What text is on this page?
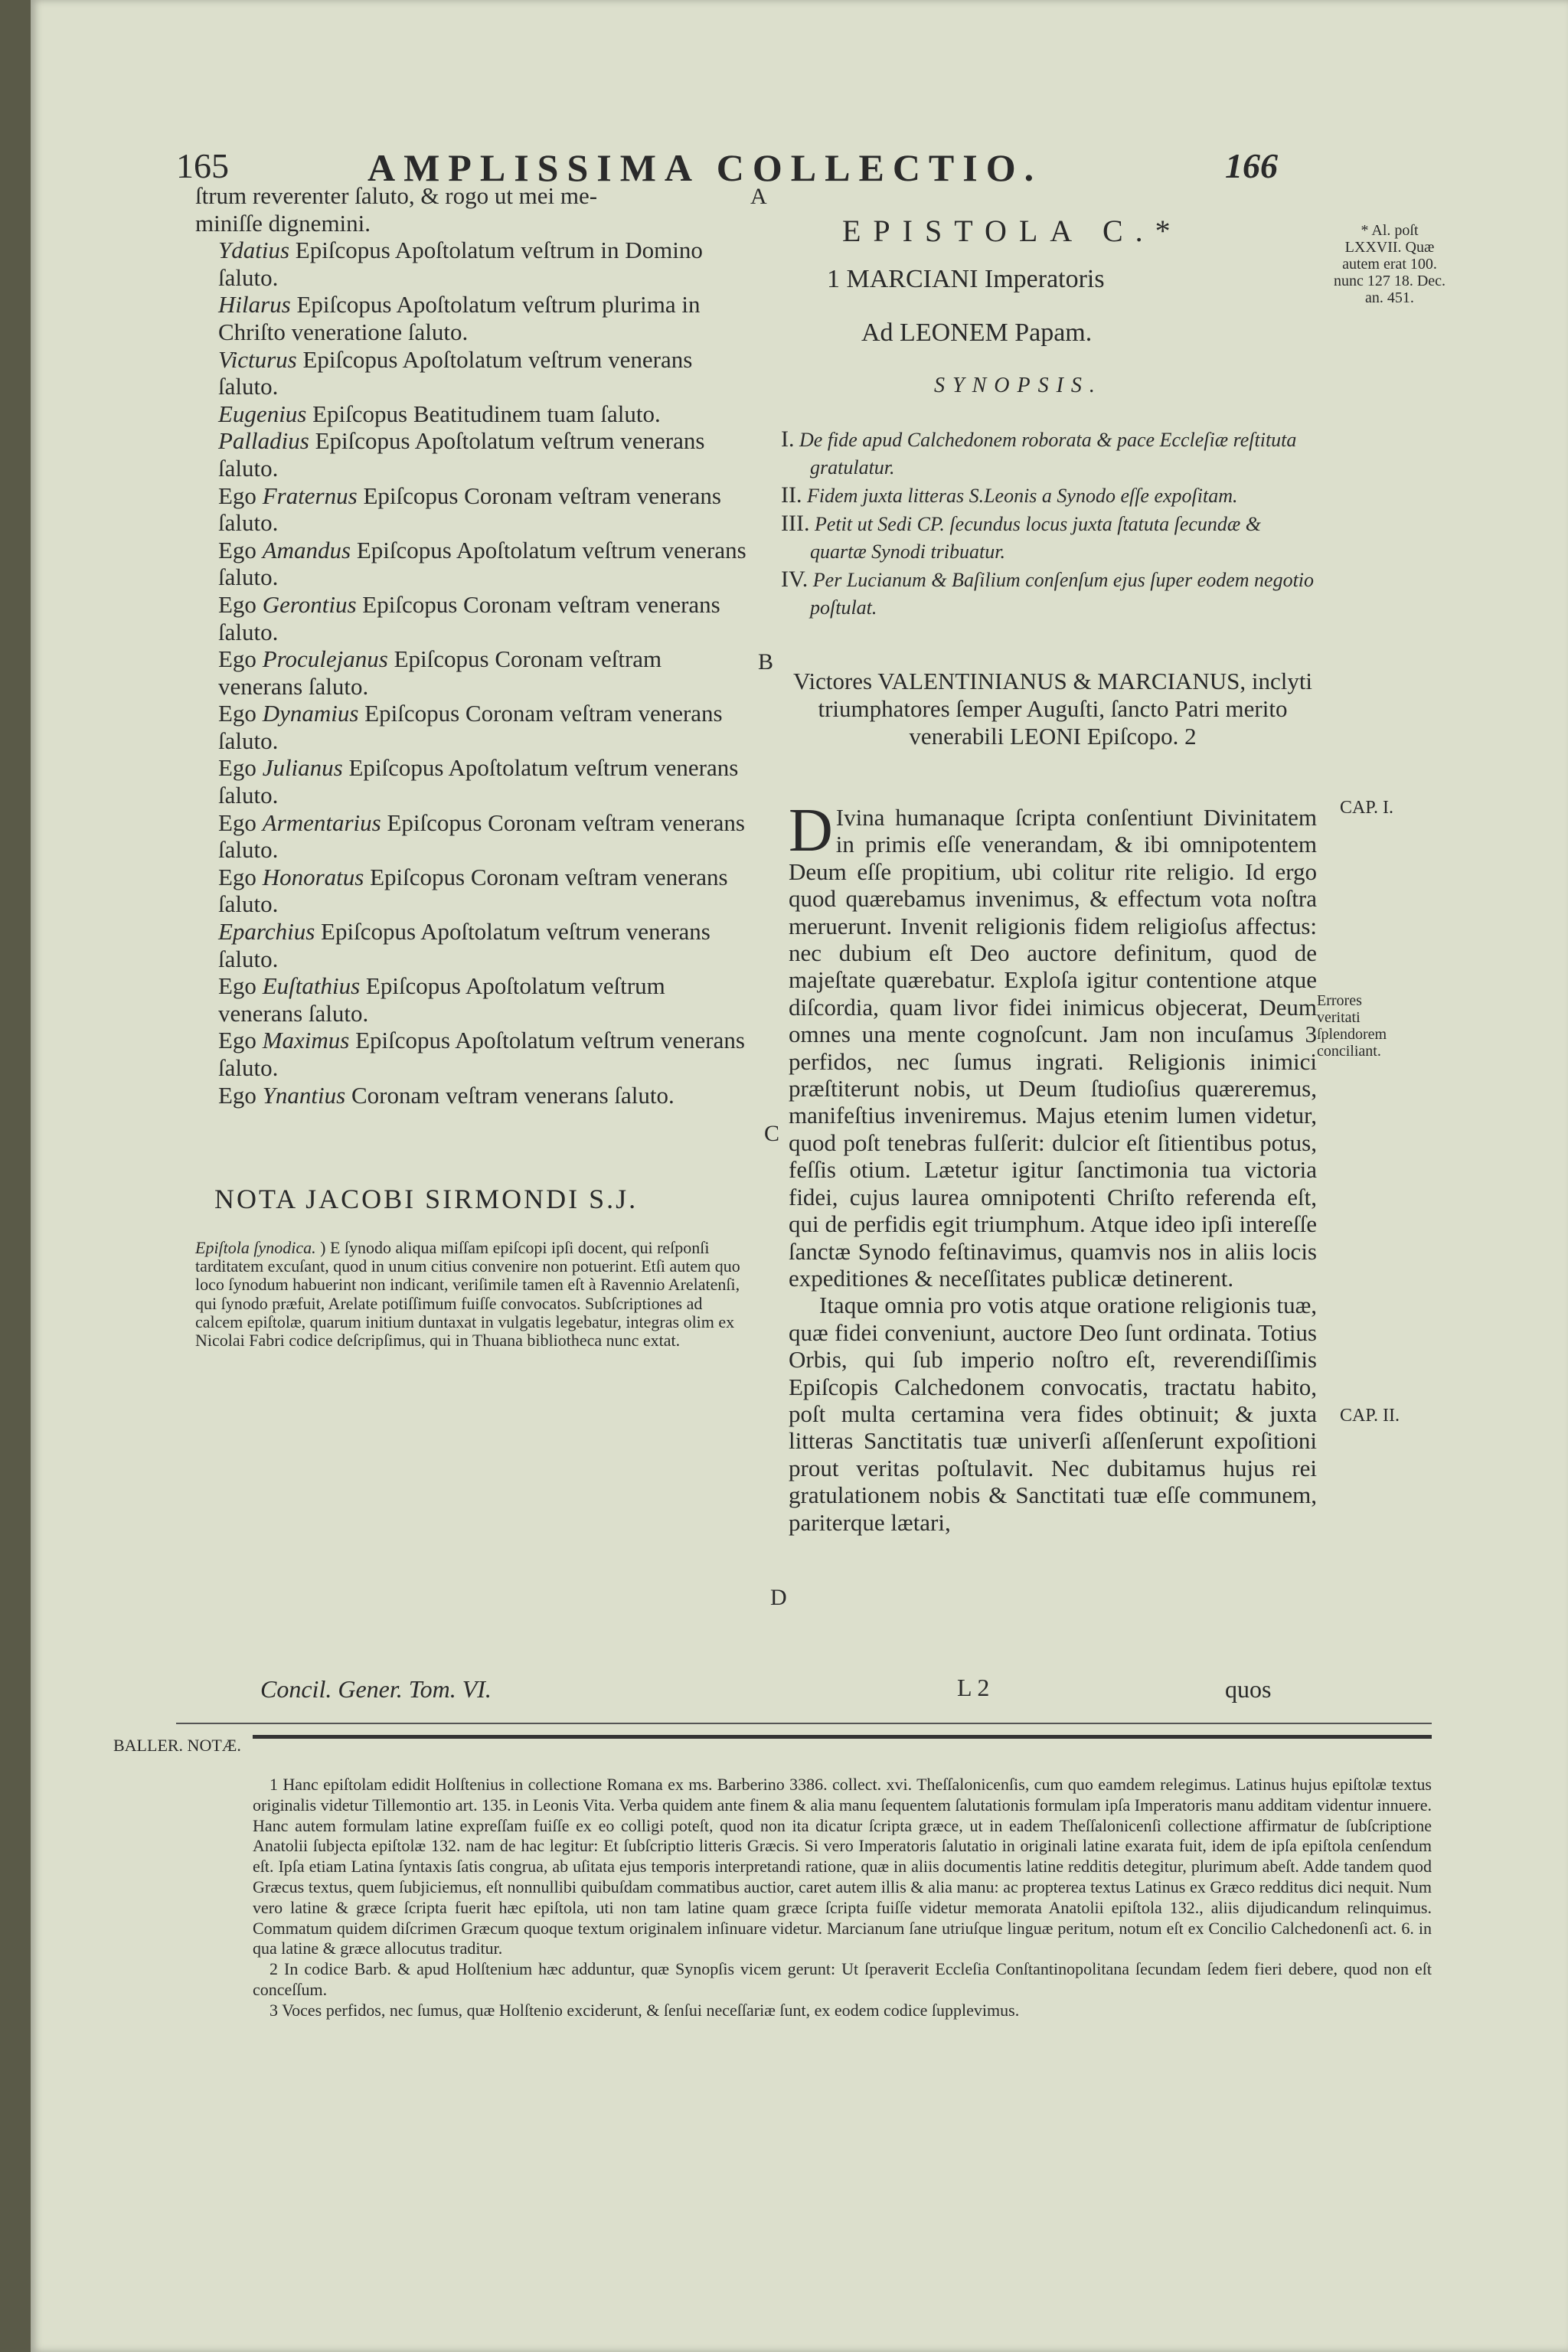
165	AMPLISSIMA COLLECTIO.	166

ſtrum reverenter ſaluto, & rogo ut mei me-

miniſſe dignemini.

Ydatius Epiſcopus Apoſtolatum veſtrum in Domino ſaluto.

Hilarus Epiſcopus Apoſtolatum veſtrum plurima in Chriſto veneratione ſaluto.

Victurus Epiſcopus Apoſtolatum veſtrum venerans ſaluto.

Eugenius Epiſcopus Beatitudinem tuam ſaluto.

Palladius Epiſcopus Apoſtolatum veſtrum venerans ſaluto.

Ego Fraternus Epiſcopus Coronam veſtram venerans ſaluto.

Ego Amandus Epiſcopus Apoſtolatum veſtrum venerans ſaluto.

Ego Gerontius Epiſcopus Coronam veſtram venerans ſaluto.

Ego Proculejanus Epiſcopus Coronam veſtram venerans ſaluto.

Ego Dynamius Epiſcopus Coronam veſtram venerans ſaluto.

Ego Julianus Epiſcopus Apoſtolatum veſtrum venerans ſaluto.

Ego Armentarius Epiſcopus Coronam veſtram venerans ſaluto.

Ego Honoratus Epiſcopus Coronam veſtram venerans ſaluto.

Eparchius Epiſcopus Apoſtolatum veſtrum venerans ſaluto.

Ego Euſtathius Epiſcopus Apoſtolatum veſtrum venerans ſaluto.

Ego Maximus Epiſcopus Apoſtolatum veſtrum venerans ſaluto.

Ego Ynantius Coronam veſtram venerans ſaluto.

A
B
C
D
NOTA JACOBI SIRMONDI S.J.

Epiſtola ſynodica. ) E ſynodo aliqua miſſam epiſcopi ipſi docent, qui reſponſi tarditatem excuſant, quod in unum citius convenire non potuerint. Etſi autem quo loco ſynodum habuerint non indicant, veriſimile tamen eſt à Ravennio Arelatenſi, qui ſynodo præfuit, Arelate potiſſimum fuiſſe convocatos. Subſcriptiones ad calcem epiſtolæ, quarum initium duntaxat in vulgatis legebatur, integras olim ex Nicolai Fabri codice deſcripſimus, qui in Thuana bibliotheca nunc extat.

Concil. Gener. Tom. VI.	L 2	quos
EPISTOLA C.*
1 MARCIANI Imperatoris
Ad LEONEM Papam.
SYNOPSIS.
I. De fide apud Calchedonem roborata & pace Eccleſiæ reſtituta gratulatur.
II. Fidem juxta litteras S.Leonis a Synodo eſſe expoſitam.
III. Petit ut Sedi CP. ſecundus locus juxta ſtatuta ſecundæ & quartæ Synodi tribuatur.
IV. Per Lucianum & Baſilium conſenſum ejus ſuper eodem negotio poſtulat.
Victores VALENTINIANUS & MARCIANUS, inclyti triumphatores ſemper Auguſti, ſancto Patri merito venerabili LEONI Epiſcopo. 2

D Ivina humanaque ſcripta conſentiunt Divinitatem in primis eſſe venerandam, & ibi omnipotentem Deum eſſe propitium, ubi colitur rite religio. Id ergo quod quærebamus invenimus, & effectum vota noſtra meruerunt. Invenit religionis fidem religioſus affectus: nec dubium eſt Deo auctore definitum, quod de majeſtate quærebatur. Exploſa igitur contentione atque diſcordia, quam livor fidei inimicus objecerat, Deum omnes una mente cognoſcunt. Jam non incuſamus 3 perfidos, nec ſumus ingrati. Religionis inimici præſtiterunt nobis, ut Deum ſtudioſius quæreremus, manifeſtius inveniremus. Majus etenim lumen videtur, quod poſt tenebras fulſerit: dulcior eſt ſitientibus potus, feſſis otium. Lætetur igitur ſanctimonia tua victoria fidei, cujus laurea omnipotenti Chriſto referenda eſt, qui de perfidis egit triumphum. Atque ideo ipſi intereſſe ſanctæ Synodo feſtinavimus, quamvis nos in aliis locis expeditiones & neceſſitates publicæ detinerent.

Itaque omnia pro votis atque oratione religionis tuæ, quæ fidei conveniunt, auctore Deo ſunt ordinata. Totius Orbis, qui ſub imperio noſtro eſt, reverendiſſimis Epiſcopis Calchedonem convocatis, tractatu habito, poſt multa certamina vera fides obtinuit; & juxta litteras Sanctitatis tuæ univerſi aſſenſerunt expoſitioni prout veritas poſtulavit. Nec dubitamus hujus rei gratulationem nobis & Sanctitati tuæ eſſe communem, pariterque lætari,

* Al. poſt LXXVII. Quæ autem erat 100. nunc 127 18. Dec. an. 451.
CAP. I.
Errores veritati ſplendorem conciliant.
CAP. II.
BALLER. NOTÆ.

1 Hanc epiſtolam edidit Holſtenius in collectione Romana ex ms. Barberino 3386. collect. xvi. Theſſalonicenſis, cum quo eamdem relegimus. Latinus hujus epiſtolæ textus originalis videtur Tillemontio art. 135. in Leonis Vita. Verba quidem ante finem & alia manu ſequentem ſalutationis formulam ipſa Imperatoris manu additam videntur innuere. Hanc autem formulam latine expreſſam fuiſſe ex eo colligi poteſt, quod non ita dicatur ſcripta græce, ut in eadem Theſſalonicenſi collectione affirmatur de ſubſcriptione Anatolii ſubjecta epiſtolæ 132. nam de hac legitur: Et ſubſcriptio litteris Græcis. Si vero Imperatoris ſalutatio in originali latine exarata fuit, idem de ipſa epiſtola cenſendum eſt. Ipſa etiam Latina ſyntaxis ſatis congrua, ab uſitata ejus temporis interpretandi ratione, quæ in aliis documentis latine redditis detegitur, plurimum abeſt. Adde tandem quod Græcus textus, quem ſubjiciemus, eſt nonnullibi quibuſdam commatibus auctior, caret autem illis & alia manu: ac propterea textus Latinus ex Græco redditus dici nequit. Num vero latine & græce ſcripta fuerit hæc epiſtola, uti non tam latine quam græce ſcripta fuiſſe videtur memorata Anatolii epiſtola 132., aliis dijudicandum relinquimus. Commatum quidem diſcrimen Græcum quoque textum originalem inſinuare videtur. Marcianum ſane utriuſque linguæ peritum, notum eſt ex Concilio Calchedonenſi act. 6. in qua latine & græce allocutus traditur.

2 In codice Barb. & apud Holſtenium hæc adduntur, quæ Synopſis vicem gerunt: Ut ſperaverit Eccleſia Conſtantinopolitana ſecundam ſedem fieri debere, quod non eſt conceſſum.

3 Voces perfidos, nec ſumus, quæ Holſtenio exciderunt, & ſenſui neceſſariæ ſunt, ex eodem codice ſupplevimus.
